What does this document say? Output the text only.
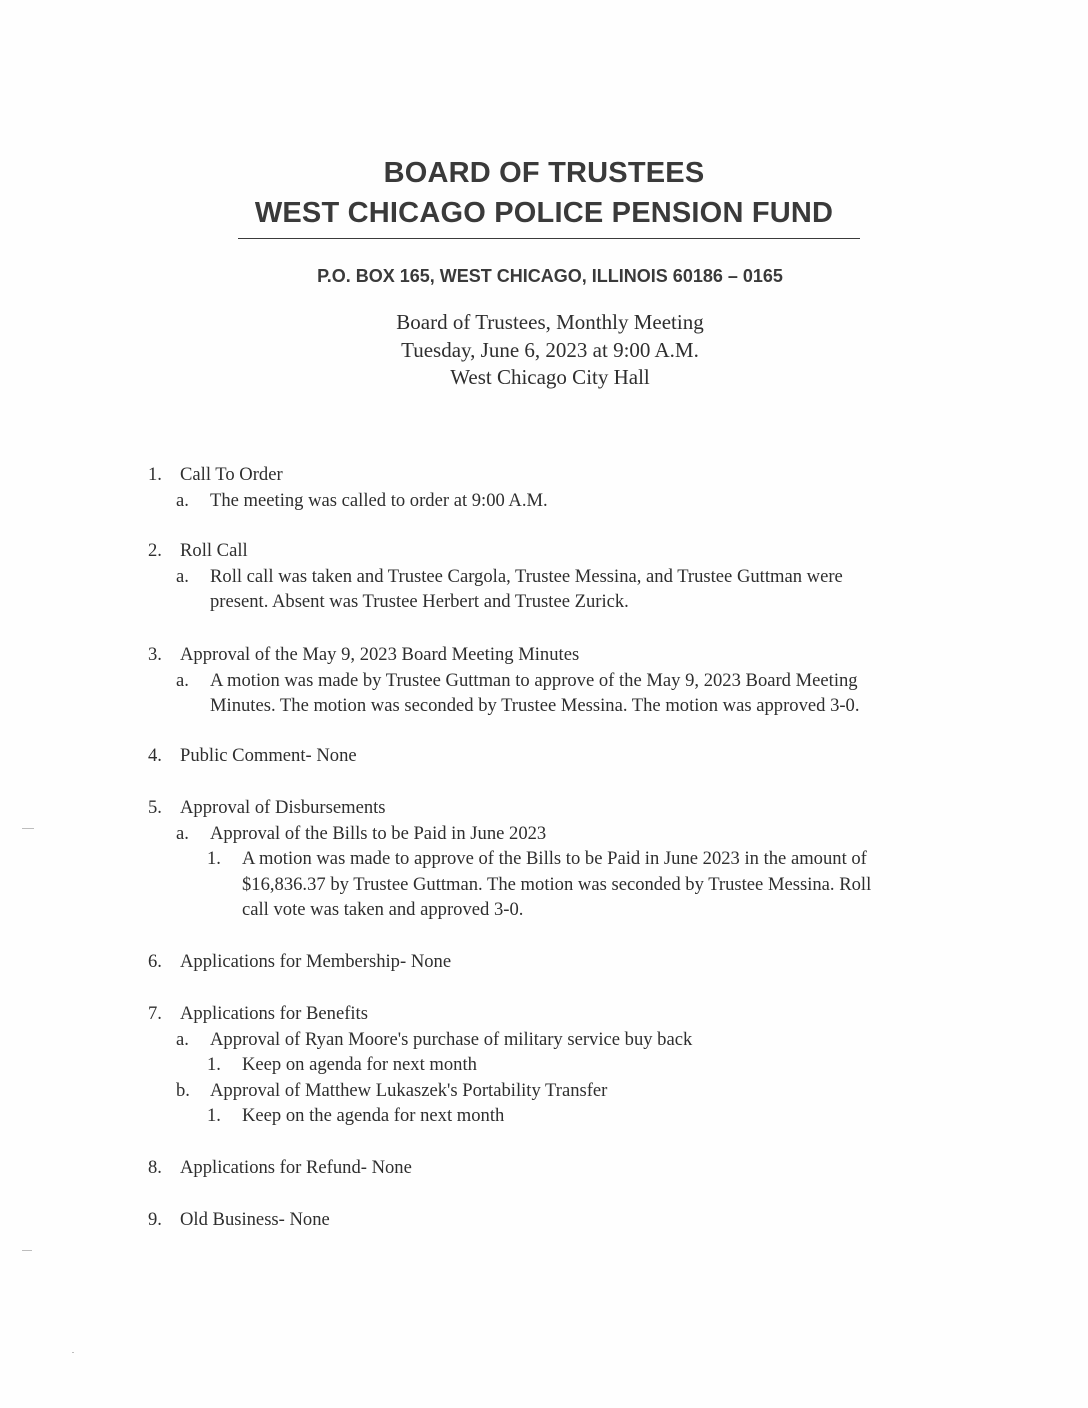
BOARD OF TRUSTEES
WEST CHICAGO POLICE PENSION FUND
P.O. BOX 165, WEST CHICAGO, ILLINOIS 60186 – 0165
Board of Trustees, Monthly Meeting
Tuesday, June 6, 2023 at 9:00 A.M.
West Chicago City Hall
1. Call To Order
a. The meeting was called to order at 9:00 A.M.
2. Roll Call
a. Roll call was taken and Trustee Cargola, Trustee Messina, and Trustee Guttman were
present. Absent was Trustee Herbert and Trustee Zurick.
3. Approval of the May 9, 2023 Board Meeting Minutes
a. A motion was made by Trustee Guttman to approve of the May 9, 2023 Board Meeting
Minutes. The motion was seconded by Trustee Messina. The motion was approved 3-0.
4. Public Comment- None
5. Approval of Disbursements
a. Approval of the Bills to be Paid in June 2023
1. A motion was made to approve of the Bills to be Paid in June 2023 in the amount of
$16,836.37 by Trustee Guttman. The motion was seconded by Trustee Messina. Roll
call vote was taken and approved 3-0.
6. Applications for Membership- None
7. Applications for Benefits
a. Approval of Ryan Moore's purchase of military service buy back
1. Keep on agenda for next month
b. Approval of Matthew Lukaszek's Portability Transfer
1. Keep on the agenda for next month
8. Applications for Refund- None
9. Old Business- None
